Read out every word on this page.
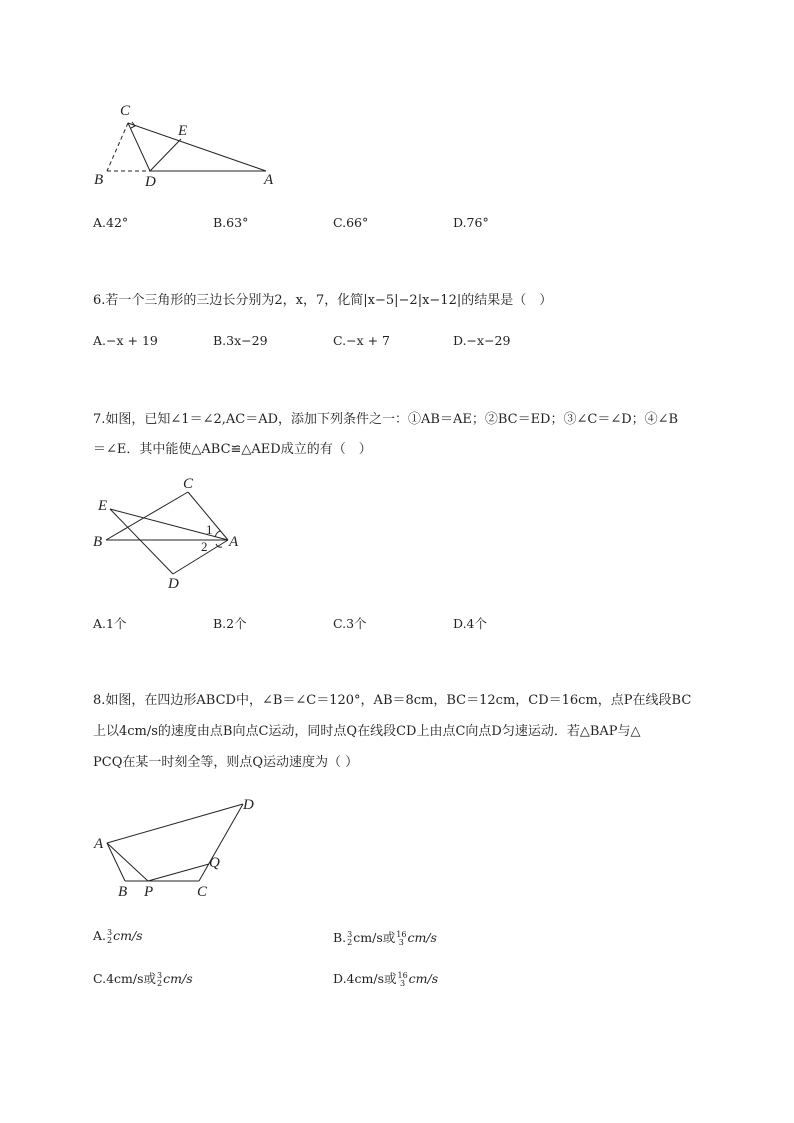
C
E
B	D	A
A.42°	B.63°	C.66°	D.76°
6.若一个三角形的三边长分别为2，x，7，化简|x−5|−2|x−12|的结果是（　）
A.−x + 19	B.3x−29	C.−x + 7	D.−x−29
7.如图，已知∠1＝∠2,AC＝AD，添加下列条件之一：①AB＝AE；②BC＝ED；③∠C＝∠D；④∠B
＝∠E．其中能使△ABC≌△AED成立的有（　）
C
E
B	A
D
1
2
A.1个	B.2个	C.3个	D.4个
8.如图，在四边形ABCD中，∠B＝∠C＝120°，AB＝8cm，BC＝12cm，CD＝16cm，点P在线段BC
上以4cm/s的速度由点B向点C运动，同时点Q在线段CD上由点C向点D匀速运动．若△BAP与△
PCQ在某一时刻全等，则点Q运动速度为（ ）
D
A
Q
B P	C
A. 3
2 cm/s	B. 3
2 cm/s或 16
3 cm/s
C.4cm/s或 3
2 cm/s	D.4cm/s或 16
3 cm/s
